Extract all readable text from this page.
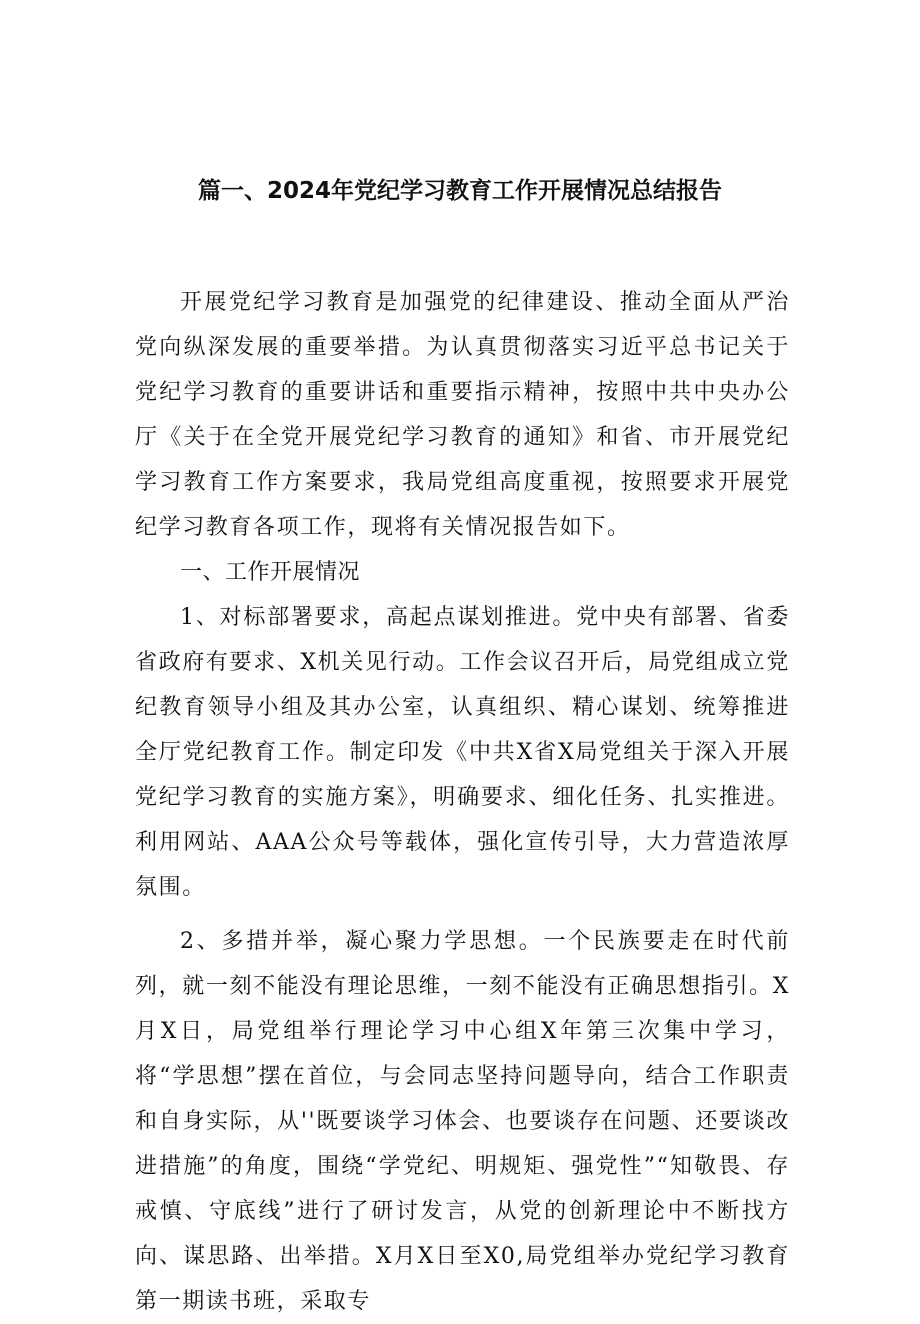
篇一、2024年党纪学习教育工作开展情况总结报告

开展党纪学习教育是加强党的纪律建设、推动全面从严治党向纵深发展的重要举措。为认真贯彻落实习近平总书记关于党纪学习教育的重要讲话和重要指示精神，按照中共中央办公厅《关于在全党开展党纪学习教育的通知》和省、市开展党纪学习教育工作方案要求，我局党组高度重视，按照要求开展党纪学习教育各项工作，现将有关情况报告如下。

一、工作开展情况

1、对标部署要求，高起点谋划推进。党中央有部署、省委省政府有要求、X机关见行动。工作会议召开后，局党组成立党纪教育领导小组及其办公室，认真组织、精心谋划、统筹推进全厅党纪教育工作。制定印发《中共X省X局党组关于深入开展党纪学习教育的实施方案》，明确要求、细化任务、扎实推进。利用网站、AAA公众号等载体，强化宣传引导，大力营造浓厚氛围。

2、多措并举，凝心聚力学思想。一个民族要走在时代前列，就一刻不能没有理论思维，一刻不能没有正确思想指引。X月X日，局党组举行理论学习中心组X年第三次集中学习，将“学思想”摆在首位，与会同志坚持问题导向，结合工作职责和自身实际，从''既要谈学习体会、也要谈存在问题、还要谈改进措施”的角度，围绕“学党纪、明规矩、强党性”“知敬畏、存戒慎、守底线”进行了研讨发言，从党的创新理论中不断找方向、谋思路、出举措。X月X日至X0,局党组举办党纪学习教育第一期读书班，采取专
